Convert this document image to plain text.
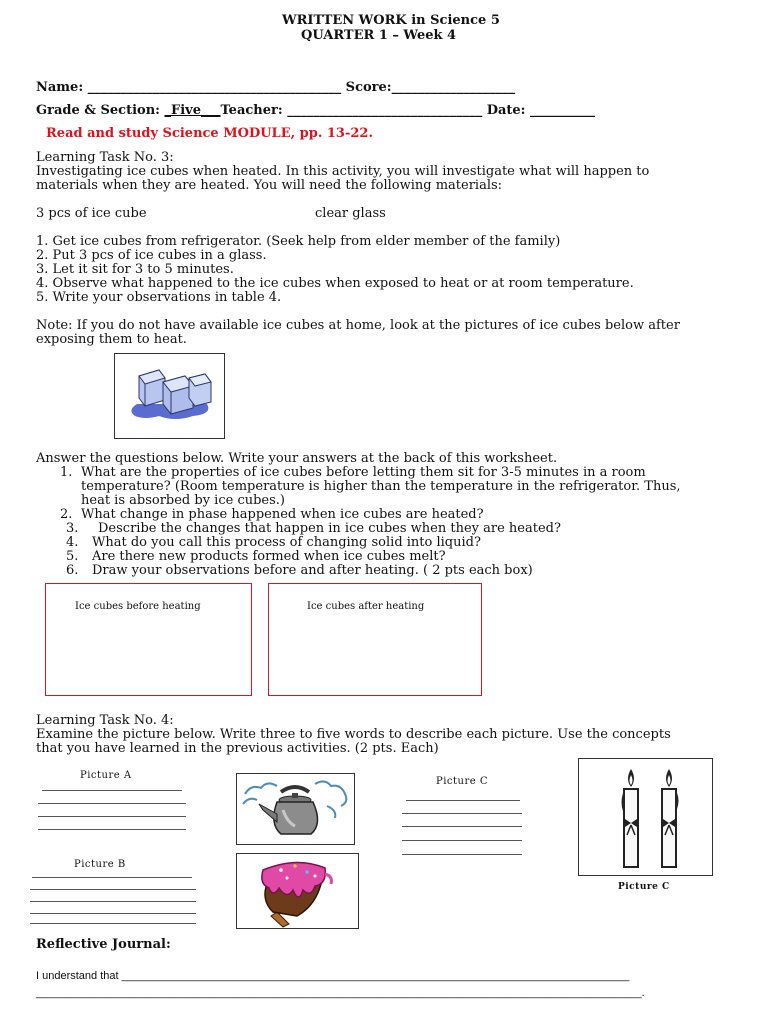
WRITTEN WORK in Science 5
QUARTER 1 – Week 4
Name: _______________________________________ Score:___________________
Grade & Section: _Five___Teacher: ______________________________ Date: __________
Read and study Science MODULE, pp. 13-22.
Learning Task No. 3:
Investigating ice cubes when heated. In this activity, you will investigate what will happen to
materials when they are heated. You will need the following materials:
3 pcs of ice cube	clear glass
1. Get ice cubes from refrigerator. (Seek help from elder member of the family)
2. Put 3 pcs of ice cubes in a glass.
3. Let it sit for 3 to 5 minutes.
4. Observe what happened to the ice cubes when exposed to heat or at room temperature.
5. Write your observations in table 4.
Note: If you do not have available ice cubes at home, look at the pictures of ice cubes below after
exposing them to heat.
Answer the questions below. Write your answers at the back of this worksheet.
1. What are the properties of ice cubes before letting them sit for 3-5 minutes in a room
temperature? (Room temperature is higher than the temperature in the refrigerator. Thus,
heat is absorbed by ice cubes.)
2. What change in phase happened when ice cubes are heated?
3. Describe the changes that happen in ice cubes when they are heated?
4. What do you call this process of changing solid into liquid?
5. Are there new products formed when ice cubes melt?
6. Draw your observations before and after heating. ( 2 pts each box)
Ice cubes before heating	Ice cubes after heating
Learning Task No. 4:
Examine the picture below. Write three to five words to describe each picture. Use the concepts
that you have learned in the previous activities. (2 pts. Each)
Picture A
Picture C
Picture C
Picture B
Reflective Journal:
I understand that ___________________________________________________________________________________
___________________________________________________________________________________________________.
